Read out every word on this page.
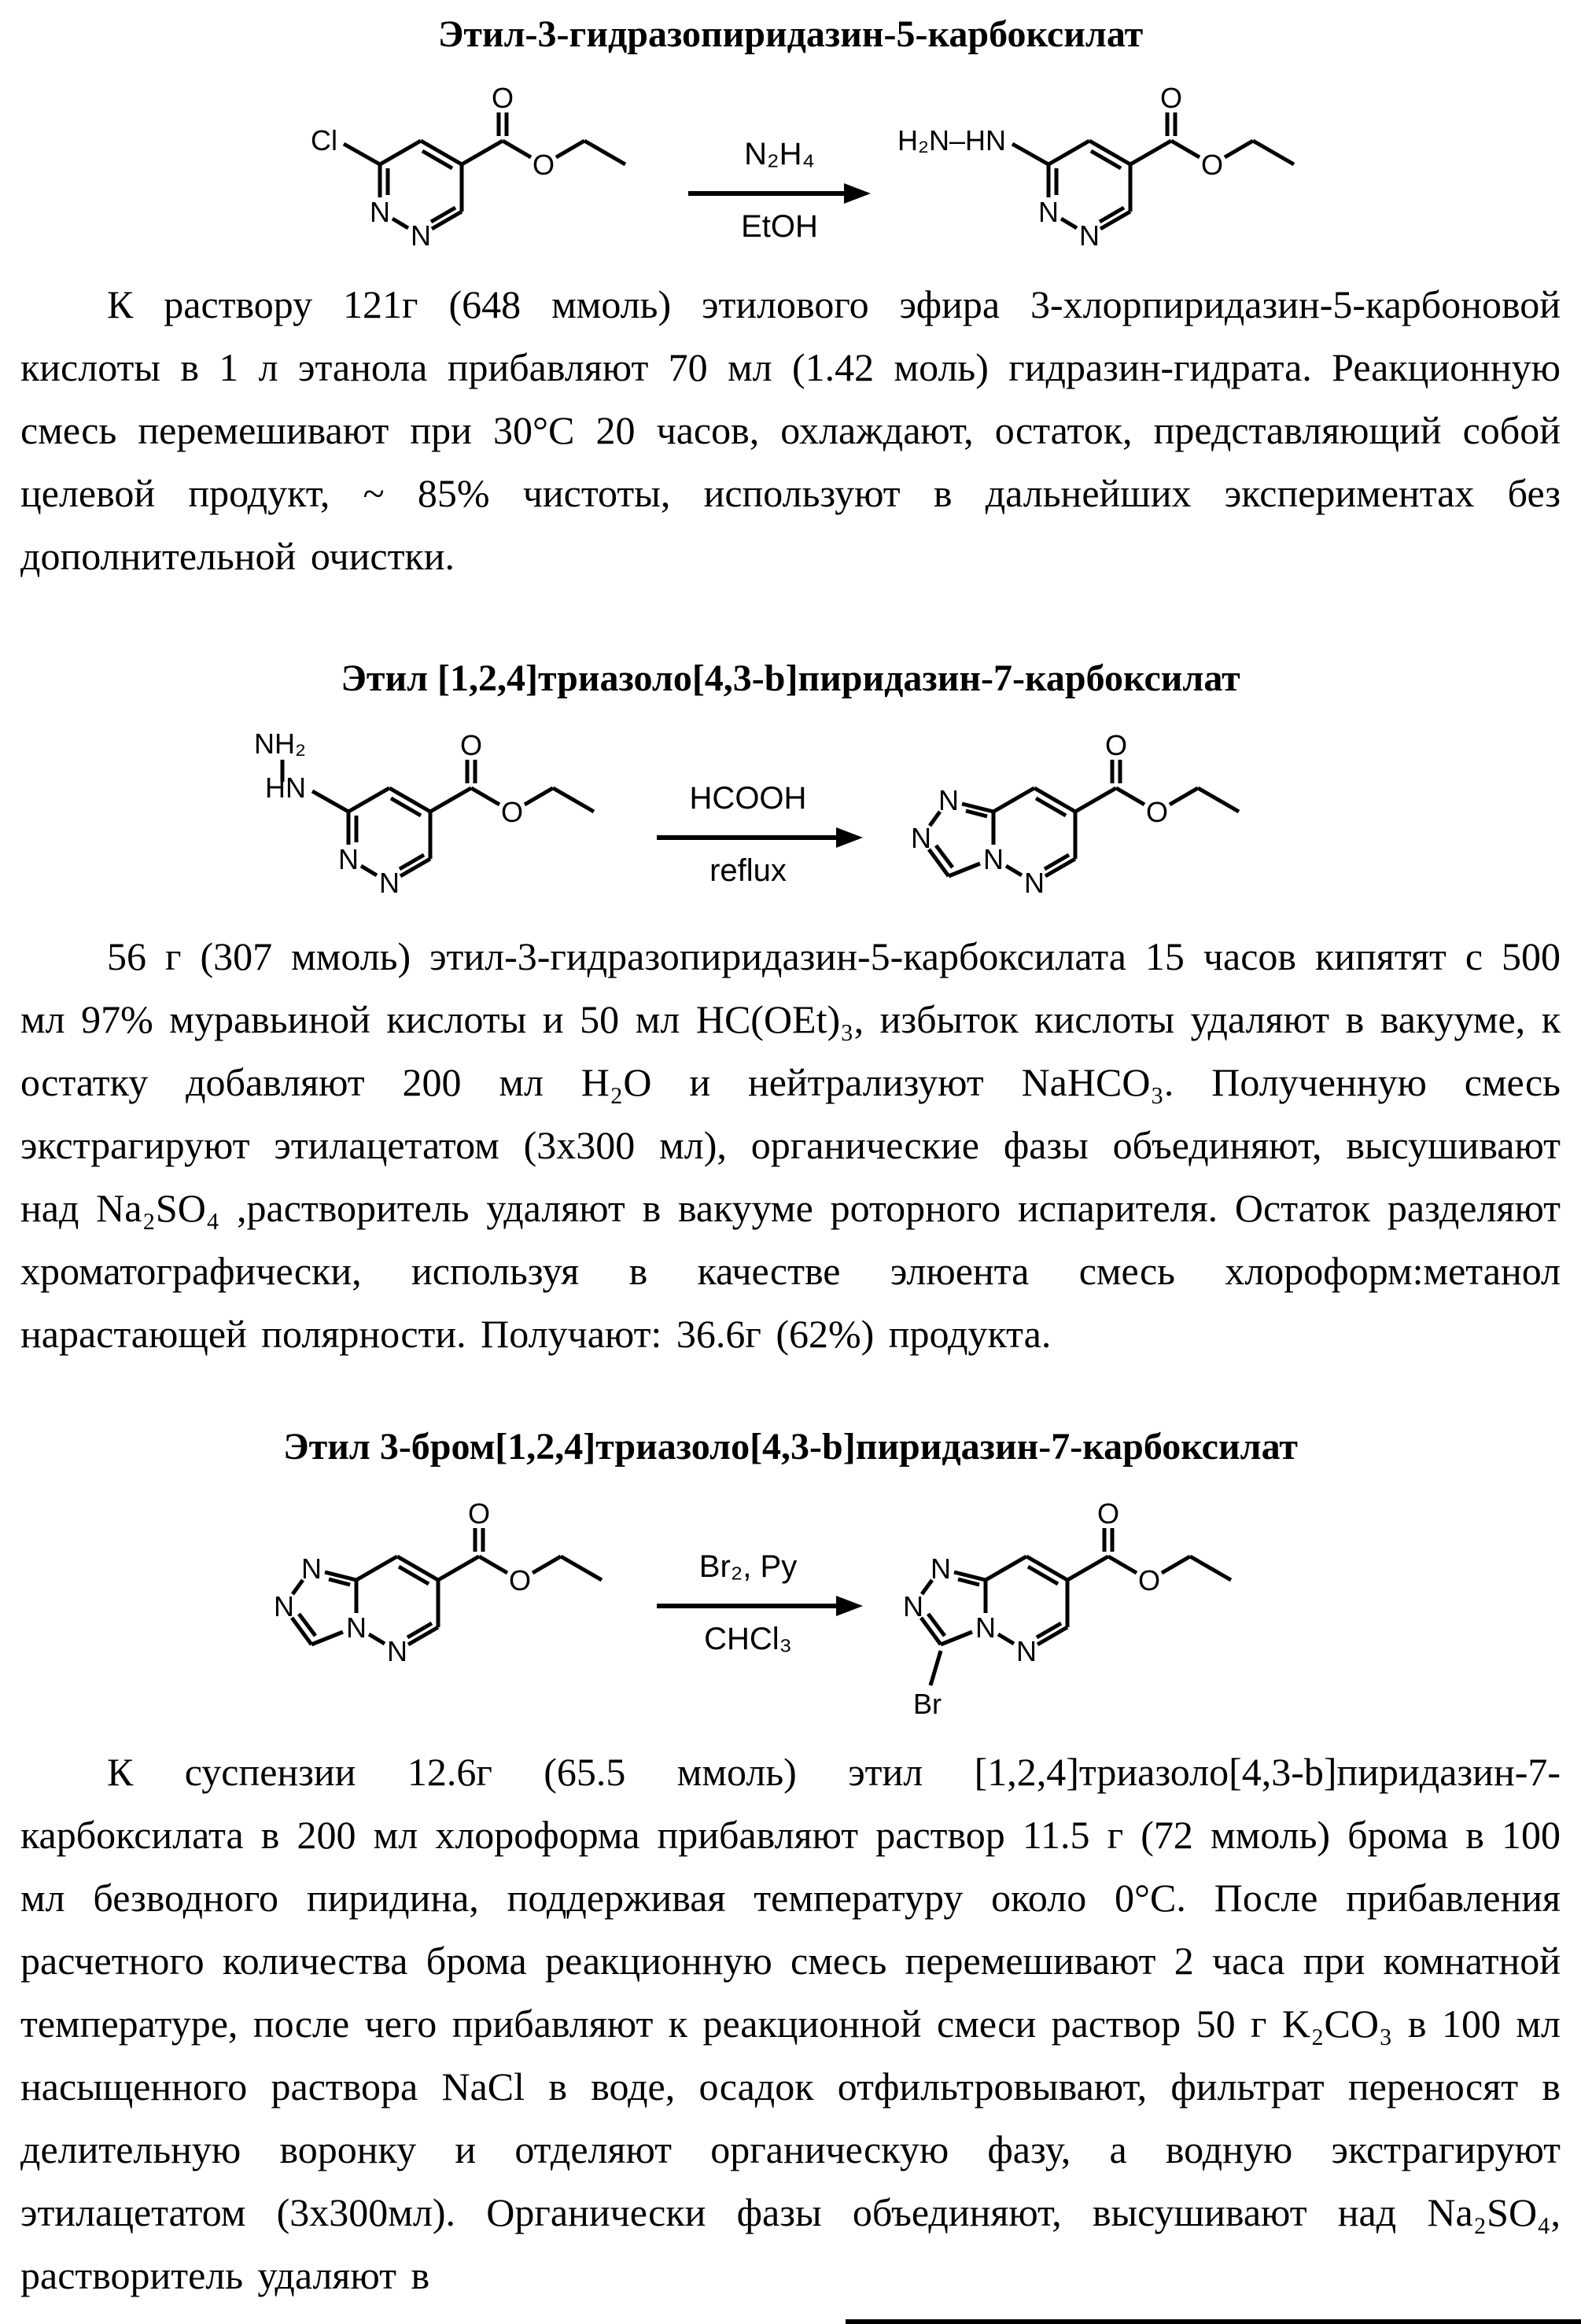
Этил-3-гидразопиридазин-5-карбоксилат

Cl
O
O
N
N
N₂H₄
EtOH
H₂N–HN
O
O
N
N

К раствору 121г (648 ммоль) этилового эфира 3-хлорпиридазин-5-карбоновой кислоты в 1 л этанола прибавляют 70 мл (1.42 моль) гидразин-гидрата. Реакционную смесь перемешивают при 30°С 20 часов, охлаждают, остаток, представляющий собой целевой продукт, ~ 85% чистоты, используют в дальнейших экспериментах без дополнительной очистки.

Этил [1,2,4]триазоло[4,3-b]пиридазин-7-карбоксилат

NH₂
HN
O
O
N
N
HCOOH
reflux
N
N
N
N
O
O

56 г (307 ммоль) этил-3-гидразопиридазин-5-карбоксилата 15 часов кипятят с 500 мл 97% муравьиной кислоты и 50 мл HC(OEt)₃, избыток кислоты удаляют в вакууме, к остатку добавляют 200 мл H₂O и нейтрализуют NaHCO₃. Полученную смесь экстрагируют этилацетатом (3x300 мл), органические фазы объединяют, высушивают над Na₂SO₄ ,растворитель удаляют в вакууме роторного испарителя. Остаток разделяют хроматографически, используя в качестве элюента смесь хлороформ:метанол нарастающей полярности. Получают: 36.6г (62%) продукта.

Этил 3-бром[1,2,4]триазоло[4,3-b]пиридазин-7-карбоксилат

N
N
N
N
O
O	Br₂, Py
CHCl₃
N
N
N
N
O
O
Br

К суспензии 12.6г (65.5 ммоль) этил [1,2,4]триазоло[4,3-b]пиридазин-7-карбоксилата в 200 мл хлороформа прибавляют раствор 11.5 г (72 ммоль) брома в 100 мл безводного пиридина, поддерживая температуру около 0°С. После прибавления расчетного количества брома реакционную смесь перемешивают 2 часа при комнатной температуре, после чего прибавляют к реакционной смеси раствор 50 г K₂CO₃ в 100 мл насыщенного раствора NaCl в воде, осадок отфильтровывают, фильтрат переносят в делительную воронку и отделяют органическую фазу, а водную экстрагируют этилацетатом (3x300мл). Органически фазы объединяют, высушивают над Na₂SO₄, растворитель удаляют в
